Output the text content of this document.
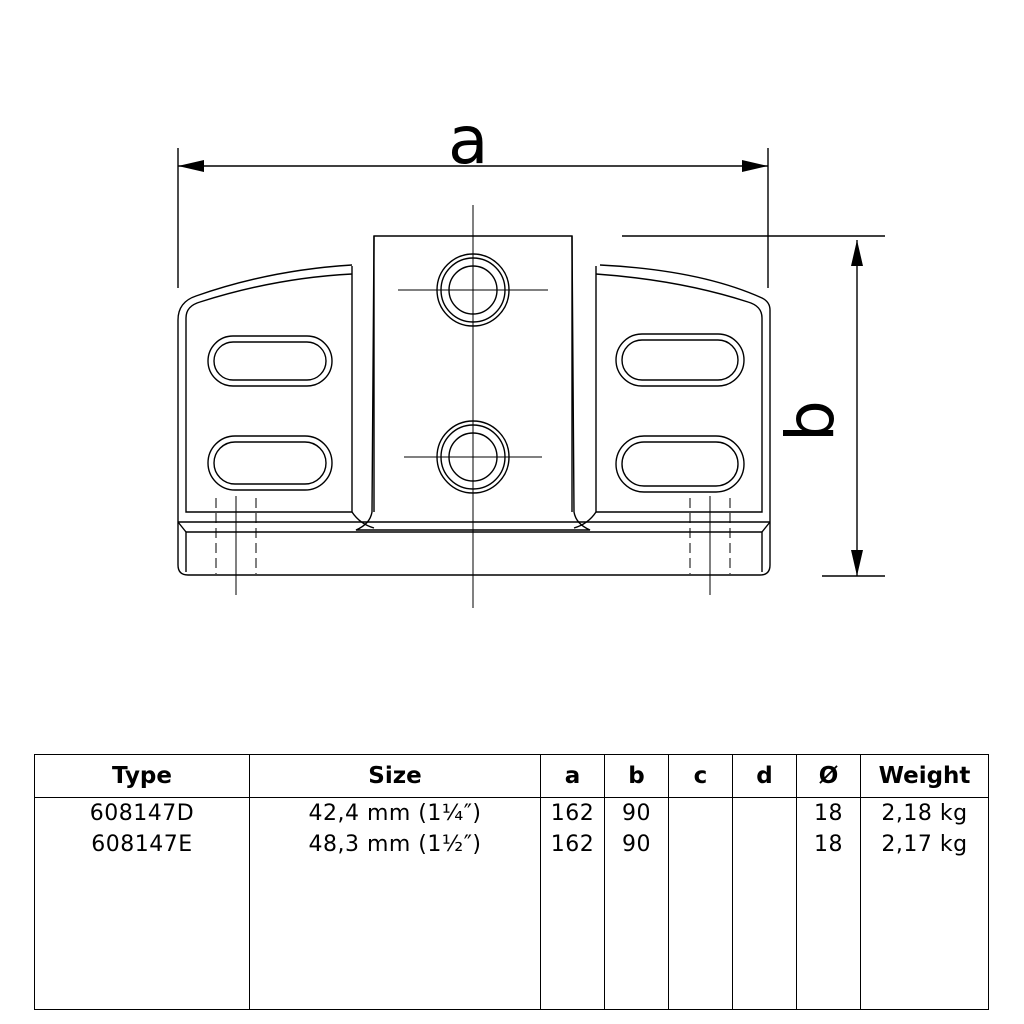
a
b
Type	Size	a	b	c	d	Ø	Weight
608147D	42,4 mm (1¼″)	162	90			18	2,18 kg
608147E	48,3 mm (1½″)	162	90			18	2,17 kg
